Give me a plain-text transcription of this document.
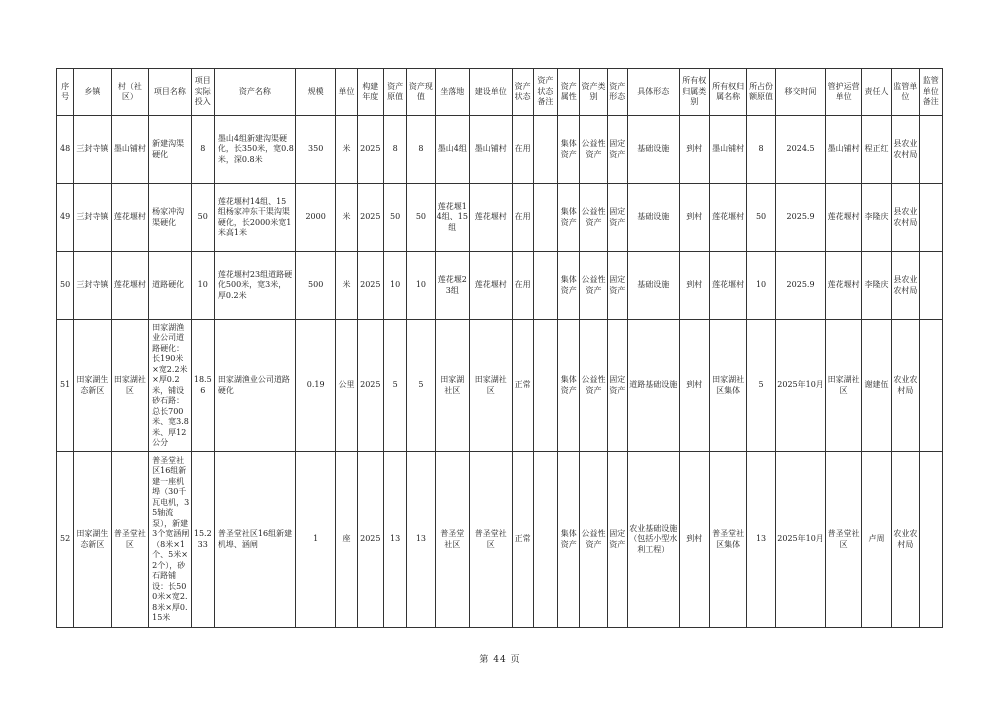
序号	乡镇	村（社区）	项目名称	项目实际投入	资产名称	规模	单位	构建年度	资产原值	资产现值	坐落地	建设单位	资产状态	资产状态备注	资产属性	资产类别	资产形态	具体形态	所有权归属类别	所有权归属名称	所占份额原值	移交时间	管护运营单位	责任人	监管单位	监管单位备注
48	三封寺镇	墨山铺村	新建沟渠硬化	8	墨山4组新建沟渠硬化，长350米，宽0.8米，深0.8米	350	米	2025	8	8	墨山4组	墨山铺村	在用		集体资产	公益性资产	固定资产	基础设施	到村	墨山铺村	8	2024.5	墨山铺村	程正红	县农业农村局	
49	三封寺镇	莲花堰村	杨家冲沟渠硬化	50	莲花堰村14组、15组杨家冲东干渠沟渠硬化，长2000米宽1米高1米	2000	米	2025	50	50	莲花堰14组、15组	莲花堰村	在用		集体资产	公益性资产	固定资产	基础设施	到村	莲花堰村	50	2025.9	莲花堰村	李隆庆	县农业农村局	
50	三封寺镇	莲花堰村	道路硬化	10	莲花堰村23组道路硬化500米，宽3米，厚0.2米	500	米	2025	10	10	莲花堰23组	莲花堰村	在用		集体资产	公益性资产	固定资产	基础设施	到村	莲花堰村	10	2025.9	莲花堰村	李隆庆	县农业农村局	
51	田家湖生态新区	田家湖社区	田家湖渔业公司道路硬化：长190米×宽2.2米×厚0.2米，铺设砂石路：总长700米、宽3.8米、厚12公分	18.56	田家湖渔业公司道路硬化	0.19	公里	2025	5	5	田家湖社区	田家湖社区	正常		集体资产	公益性资产	固定资产	道路基础设施	到村	田家湖社区集体	5	2025年10月	田家湖社区	谢建伍	农业农村局	
52	田家湖生态新区	普圣堂社区	普圣堂社区16组新建一座机埠（30千瓦电机，35轴流泵），新建3个宽涵闸（8米×1个、5米×2个），砂石路铺设：长500米×宽2.8米×厚0.15米	15.233	普圣堂社区16组新建机埠、涵闸	1	座	2025	13	13	普圣堂社区	普圣堂社区	正常		集体资产	公益性资产	固定资产	农业基础设施（包括小型水利工程）	到村	普圣堂社区集体	13	2025年10月	普圣堂社区	卢周	农业农村局	
第 44 页
